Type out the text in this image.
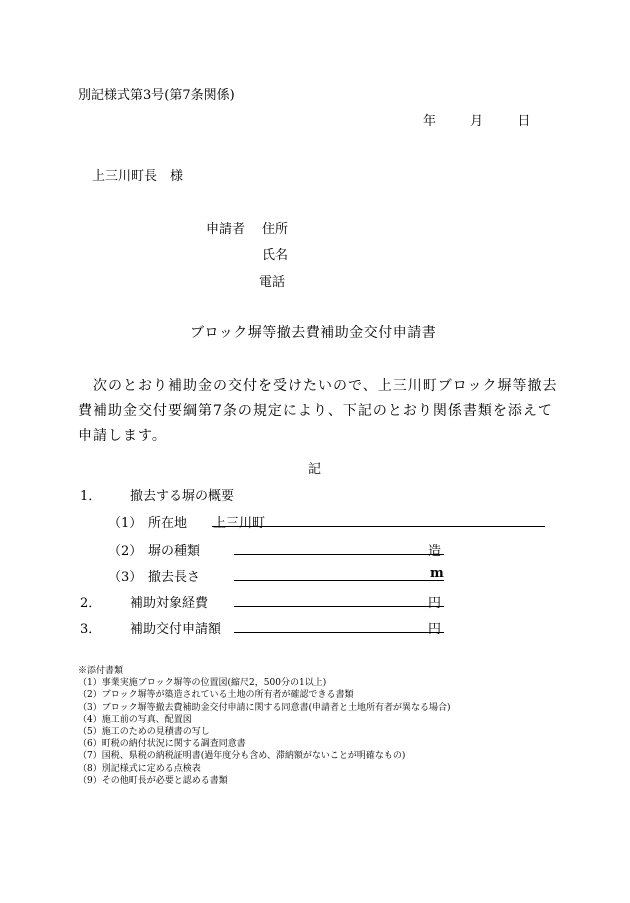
別記様式第3号(第7条関係)
年	月	日
上三川町長　様
申請者 住所
氏名
電話
ブロック塀等撤去費補助金交付申請書
　次のとおり補助金の交付を受けたいので、上三川町ブロック塀等撤去費補助金交付要綱第7条の規定により、下記のとおり関係書類を添えて申請します。
記
1． 撤去する塀の概要
（1） 所在地 上三川町
（2） 塀の種類	造
（3） 撤去長さ	m
2． 補助対象経費	円
3． 補助交付申請額	円
※添付書類
（1）事業実施ブロック塀等の位置図(縮尺2，500分の1以上)
（2）ブロック塀等が築造されている土地の所有者が確認できる書類
（3）ブロック塀等撤去費補助金交付申請に関する同意書(申請者と土地所有者が異なる場合)
（4）施工前の写真、配置図
（5）施工のための見積書の写し
（6）町税の納付状況に関する調査同意書
（7）国税、県税の納税証明書(過年度分も含め、滞納額がないことが明確なもの)
（8）別記様式に定める点検表
（9）その他町長が必要と認める書類
